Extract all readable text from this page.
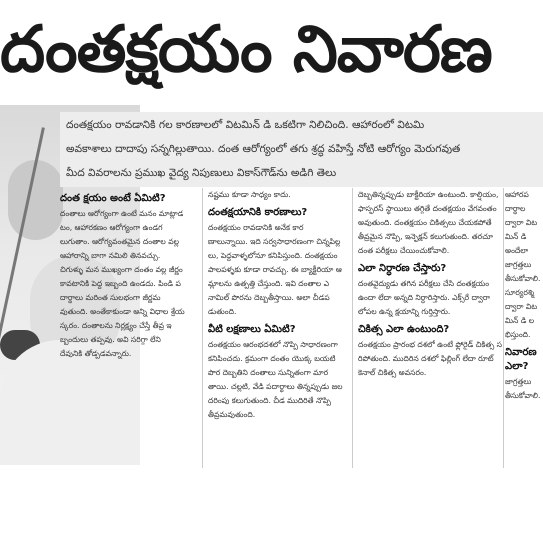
దంతక్షయం నివారణ

దంతక్షయం రావడానికి గల కారణాలలో విటమిన్ డి ఒకటిగా నిలిచింది. ఆహారంలో విటమి

అవకాశాలు దాదాపు సన్నగిల్లుతాయి. దంత ఆరోగ్యంలో తగు శ్రద్ధ వహిస్తే నోటి ఆరోగ్యం మెరుగవుత

మీద వివరాలను ప్రముఖ వైద్య నిపుణులు వికాస్‌గౌడ్‌ను అడిగి తెలు

దంత క్షయం అంటే ఏమిటి?

దంతాలు ఆరోగ్యంగా ఉంటే మనం మాట్లాడటం, ఆహారకణం ఆరోగ్యంగా ఉండగలుగుతాం. ఆరోగ్యవంతమైన దంతాల వల్ల ఆహారాన్ని బాగా నమిలి తినవచ్చు. చిగుళ్ళు మన ముఖ్యంగా దంతం వల్ల జీర్ణం కావటానికి పెద్ద ఇబ్బంది ఉండదు. పిండి పదార్థాలు మరింత సులభంగా జీర్ణమవుతుంది. అంతేకాకుండా అన్ని విధాల శ్రేయస్కరం. దంతాలను నిర్లక్ష్యం చేస్తే తీవ్ర ఇబ్బందులు తప్పవు. అవి సరిగ్గా లేని దేవునికి తోడ్పడవన్నారు.

నష్టము కూడా సాధ్యం కాదు.

దంతక్షయానికి కారణాలు?

దంతక్షయం రావడానికి అనేక కారణాలున్నాయి. ఇది సర్వసాధారణంగా చిన్నపిల్లలు, పెద్దవాళ్ళలోనూ కనిపిస్తుంది. దంతక్షయం పాలపళ్ళకు కూడా రావచ్చు. ఈ బ్యాక్టీరియా ఆమ్లాలను ఉత్పత్తి చేస్తుంది. ఇవి దంతాల ఎనామిల్ పొరను దెబ్బతీస్తాయి. అలా చీడపడుతుంది.

వీటి లక్షణాలు ఏమిటి?

దంతక్షయం ఆరంభదశలో నొప్పి సాధారణంగా కనిపించదు. క్రమంగా దంతం యొక్క బయటి పొర దెబ్బతిని దంతాలు సున్నితంగా మారతాయి. చల్లటి, వేడి పదార్థాలు తిన్నప్పుడు జలదరింపు కలుగుతుంది. చీడ ముదిరితే నొప్పి తీవ్రమవుతుంది.

దెబ్బతిన్నప్పుడు బాక్టీరియా ఉంటుంది. కాల్షియం, ఫాస్ఫరస్ స్థాయిలు తగ్గితే దంతక్షయం వేగవంతం అవుతుంది. దంతక్షయం చికిత్సలు చేయకపోతే తీవ్రమైన నొప్పి, ఇన్ఫెక్షన్ కలుగుతుంది. తరచూ దంత పరీక్షలు చేయించుకోవాలి.

ఎలా నిర్ధారణ చేస్తారు?

దంతవైద్యుడు తగిన పరీక్షలు చేసి దంతక్షయం ఉందా లేదా అన్నది నిర్ధారిస్తారు. ఎక్స్‌రే ద్వారా లోపల ఉన్న క్షయాన్ని గుర్తిస్తారు.

చికిత్స ఎలా ఉంటుంది?

దంతక్షయం ప్రారంభ దశలో ఉంటే ఫ్లోరైడ్ చికిత్స సరిపోతుంది. ముదిరిన దశలో ఫిల్లింగ్ లేదా రూట్ కెనాల్ చికిత్స అవసరం.

ఆహారపదార్థాల ద్వారా విటమిన్ డి అందేలా జాగ్రత్తలు తీసుకోవాలి. సూర్యరశ్మి ద్వారా విటమిన్ డి లభిస్తుంది.

నివారణ ఎలా?

జాగ్రత్తలు తీసుకోవాలి.
